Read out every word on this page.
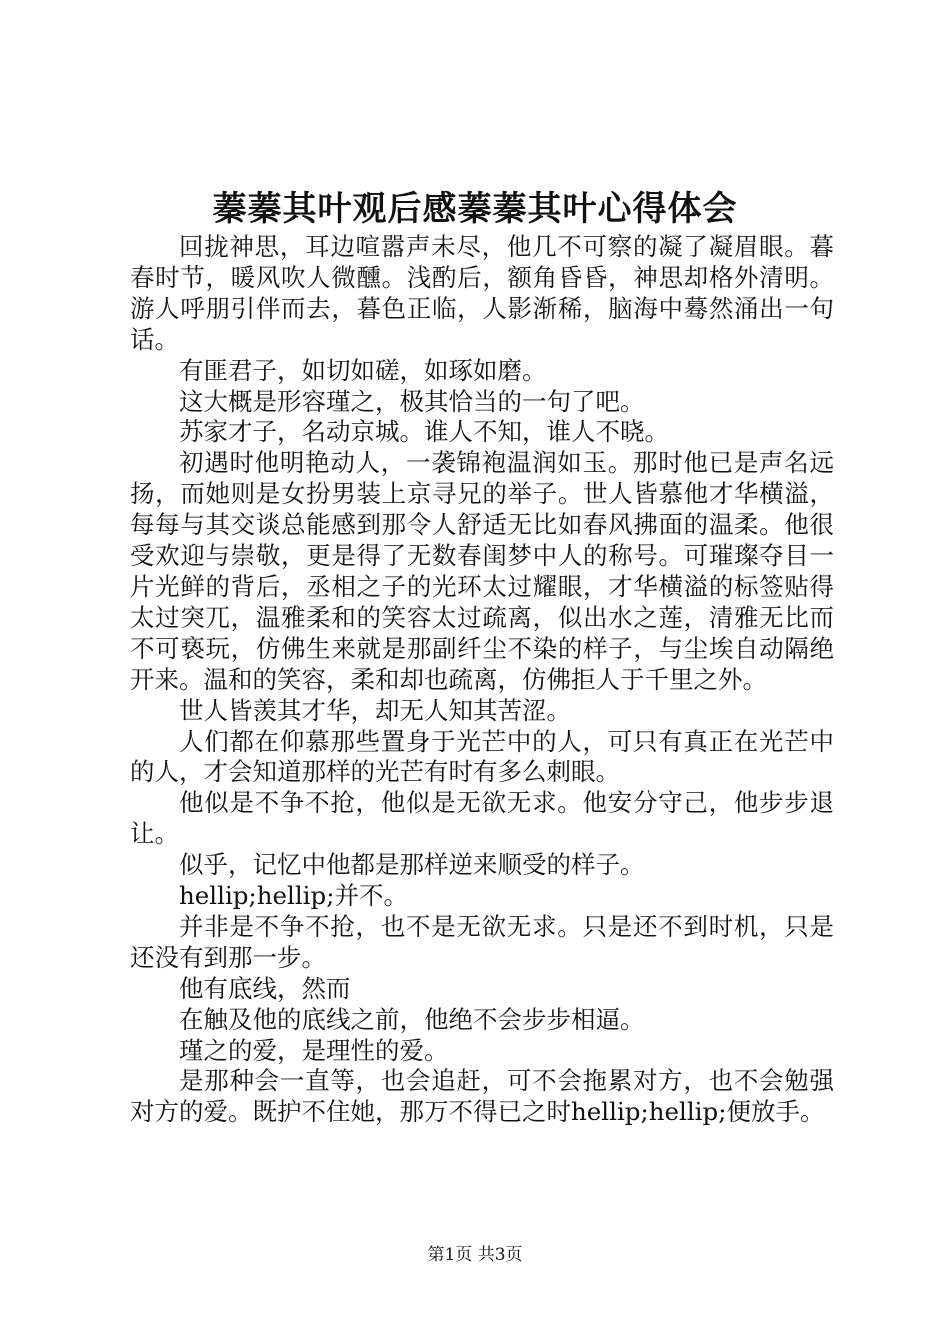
蓁蓁其叶观后感蓁蓁其叶心得体会

回拢神思，耳边喧嚣声未尽，他几不可察的凝了凝眉眼。暮春时节，暖风吹人微醺。浅酌后，额角昏昏，神思却格外清明。游人呼朋引伴而去，暮色正临，人影渐稀，脑海中蓦然涌出一句话。

有匪君子，如切如磋，如琢如磨。

这大概是形容瑾之，极其恰当的一句了吧。

苏家才子，名动京城。谁人不知，谁人不晓。

初遇时他明艳动人，一袭锦袍温润如玉。那时他已是声名远扬，而她则是女扮男装上京寻兄的举子。世人皆慕他才华横溢，每每与其交谈总能感到那令人舒适无比如春风拂面的温柔。他很受欢迎与崇敬，更是得了无数春闺梦中人的称号。可璀璨夺目一片光鲜的背后，丞相之子的光环太过耀眼，才华横溢的标签贴得太过突兀，温雅柔和的笑容太过疏离，似出水之莲，清雅无比而不可亵玩，仿佛生来就是那副纤尘不染的样子，与尘埃自动隔绝开来。温和的笑容，柔和却也疏离，仿佛拒人于千里之外。

世人皆羡其才华，却无人知其苦涩。

人们都在仰慕那些置身于光芒中的人，可只有真正在光芒中的人，才会知道那样的光芒有时有多么刺眼。

他似是不争不抢，他似是无欲无求。他安分守己，他步步退让。

似乎，记忆中他都是那样逆来顺受的样子。

hellip;hellip;并不。

并非是不争不抢，也不是无欲无求。只是还不到时机，只是还没有到那一步。

他有底线，然而

在触及他的底线之前，他绝不会步步相逼。

瑾之的爱，是理性的爱。

是那种会一直等，也会追赶，可不会拖累对方，也不会勉强对方的爱。既护不住她，那万不得已之时hellip;hellip;便放手。

第1页 共3页
